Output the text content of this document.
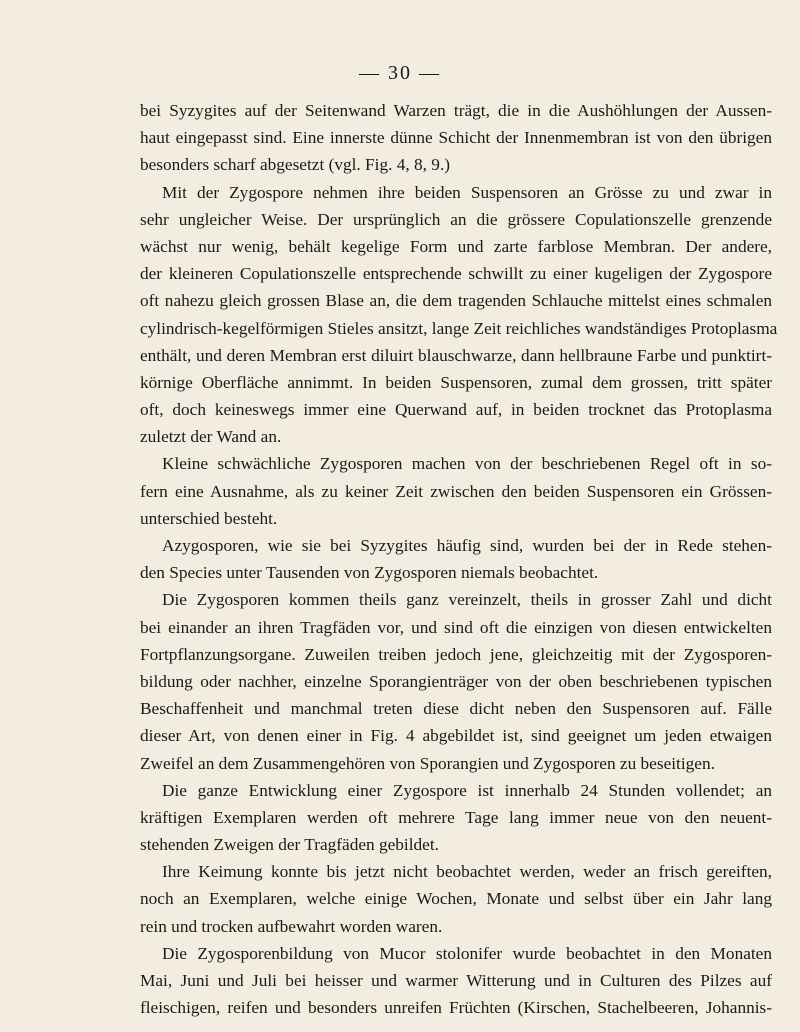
— 30 —
bei Syzygites auf der Seitenwand Warzen trägt, die in die Aushöhlungen der Aussen-
haut eingepasst sind. Eine innerste dünne Schicht der Innenmembran ist von den übrigen
besonders scharf abgesetzt (vgl. Fig. 4, 8, 9.)
Mit der Zygospore nehmen ihre beiden Suspensoren an Grösse zu und zwar in
sehr ungleicher Weise. Der ursprünglich an die grössere Copulationszelle grenzende
wächst nur wenig, behält kegelige Form und zarte farblose Membran. Der andere,
der kleineren Copulationszelle entsprechende schwillt zu einer kugeligen der Zygospore
oft nahezu gleich grossen Blase an, die dem tragenden Schlauche mittelst eines schmalen
cylindrisch-kegelförmigen Stieles ansitzt, lange Zeit reichliches wandständiges Protoplasma
enthält, und deren Membran erst diluirt blauschwarze, dann hellbraune Farbe und punktirt-
körnige Oberfläche annimmt. In beiden Suspensoren, zumal dem grossen, tritt später
oft, doch keineswegs immer eine Querwand auf, in beiden trocknet das Protoplasma
zuletzt der Wand an.
Kleine schwächliche Zygosporen machen von der beschriebenen Regel oft in so-
fern eine Ausnahme, als zu keiner Zeit zwischen den beiden Suspensoren ein Grössen-
unterschied besteht.
Azygosporen, wie sie bei Syzygites häufig sind, wurden bei der in Rede stehen-
den Species unter Tausenden von Zygosporen niemals beobachtet.
Die Zygosporen kommen theils ganz vereinzelt, theils in grosser Zahl und dicht
bei einander an ihren Tragfäden vor, und sind oft die einzigen von diesen entwickelten
Fortpflanzungsorgane. Zuweilen treiben jedoch jene, gleichzeitig mit der Zygosporen-
bildung oder nachher, einzelne Sporangienträger von der oben beschriebenen typischen
Beschaffenheit und manchmal treten diese dicht neben den Suspensoren auf. Fälle
dieser Art, von denen einer in Fig. 4 abgebildet ist, sind geeignet um jeden etwaigen
Zweifel an dem Zusammengehören von Sporangien und Zygosporen zu beseitigen.
Die ganze Entwicklung einer Zygospore ist innerhalb 24 Stunden vollendet; an
kräftigen Exemplaren werden oft mehrere Tage lang immer neue von den neuent-
stehenden Zweigen der Tragfäden gebildet.
Ihre Keimung konnte bis jetzt nicht beobachtet werden, weder an frisch gereiften,
noch an Exemplaren, welche einige Wochen, Monate und selbst über ein Jahr lang
rein und trocken aufbewahrt worden waren.
Die Zygosporenbildung von Mucor stolonifer wurde beobachtet in den Monaten
Mai, Juni und Juli bei heisser und warmer Witterung und in Culturen des Pilzes auf
fleischigen, reifen und besonders unreifen Früchten (Kirschen, Stachelbeeren, Johannis-
